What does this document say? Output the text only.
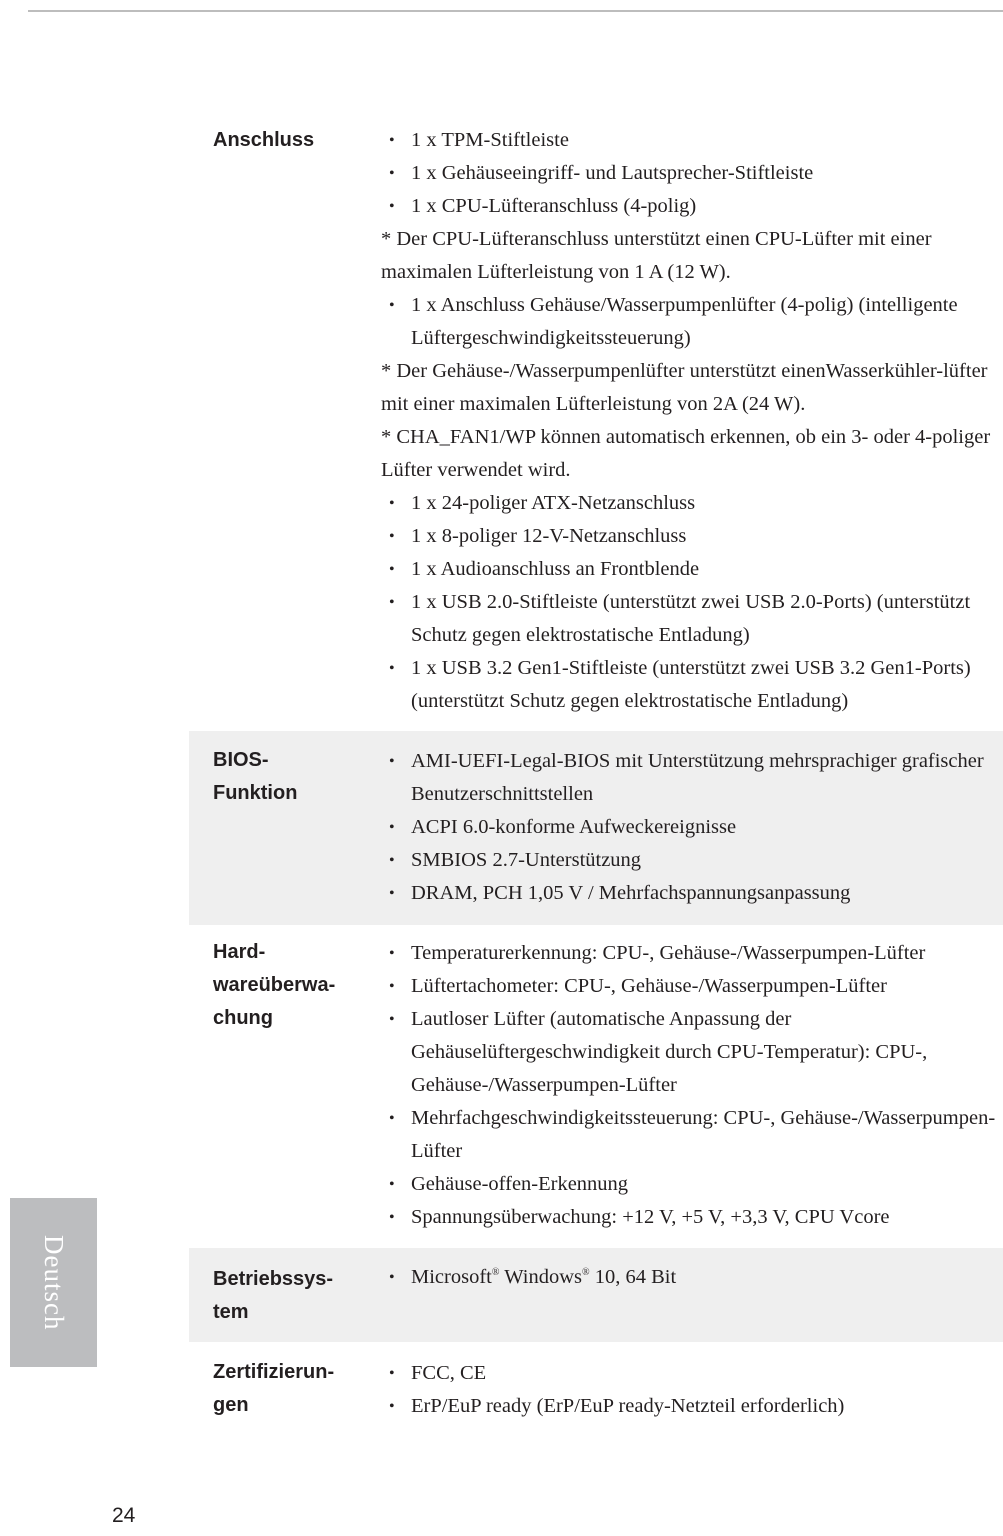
Anschluss
•	1 x TPM-Stiftleiste
• 1 x Gehäuseeingriff- und Lautsprecher-Stiftleiste
• 1 x CPU-Lüfteranschluss (4-polig)
* Der CPU-Lüfteranschluss unterstützt einen CPU-Lüfter mit einer maximalen Lüfterleistung von 1 A (12 W).
• 1 x Anschluss Gehäuse/Wasserpumpenlüfter (4-polig) (intelligente Lüftergeschwindigkeitssteuerung)
* Der Gehäuse-/Wasserpumpenlüfter unterstützt einenWasserkühler-lüfter mit einer maximalen Lüfterleistung von 2A (24 W).
* CHA_FAN1/WP können automatisch erkennen, ob ein 3- oder 4-poliger Lüfter verwendet wird.
• 1 x 24-poliger ATX-Netzanschluss
• 1 x 8-poliger 12-V-Netzanschluss
• 1 x Audioanschluss an Frontblende
• 1 x USB 2.0-Stiftleiste (unterstützt zwei USB 2.0-Ports) (unterstützt Schutz gegen elektrostatische Entladung)
• 1 x USB 3.2 Gen1-Stiftleiste (unterstützt zwei USB 3.2 Gen1-Ports) (unterstützt Schutz gegen elektrostatische Entladung)
BIOS-
Funktion
• AMI-UEFI-Legal-BIOS mit Unterstützung mehrsprachiger grafischer Benutzerschnittstellen
• ACPI 6.0-konforme Aufweckereignisse
• SMBIOS 2.7-Unterstützung
• DRAM, PCH 1,05 V / Mehrfachspannungsanpassung
Hard-
wareüberwa-
chung
• Temperaturerkennung: CPU-, Gehäuse-/Wasserpumpen-Lüfter
• Lüftertachometer: CPU-, Gehäuse-/Wasserpumpen-Lüfter
• Lautloser Lüfter (automatische Anpassung der Gehäuselüftergeschwindigkeit durch CPU-Temperatur): CPU-, Gehäuse-/Wasserpumpen-Lüfter
• Mehrfachgeschwindigkeitssteuerung: CPU-, Gehäuse-/Wasserpumpen-Lüfter
• Gehäuse-offen-Erkennung
• Spannungsüberwachung: +12 V, +5 V, +3,3 V, CPU Vcore
Betriebssys-
tem
• Microsoft® Windows® 10, 64 Bit
Zertifizierun-
gen
• FCC, CE
• ErP/EuP ready (ErP/EuP ready-Netzteil erforderlich)
Deutsch
24
